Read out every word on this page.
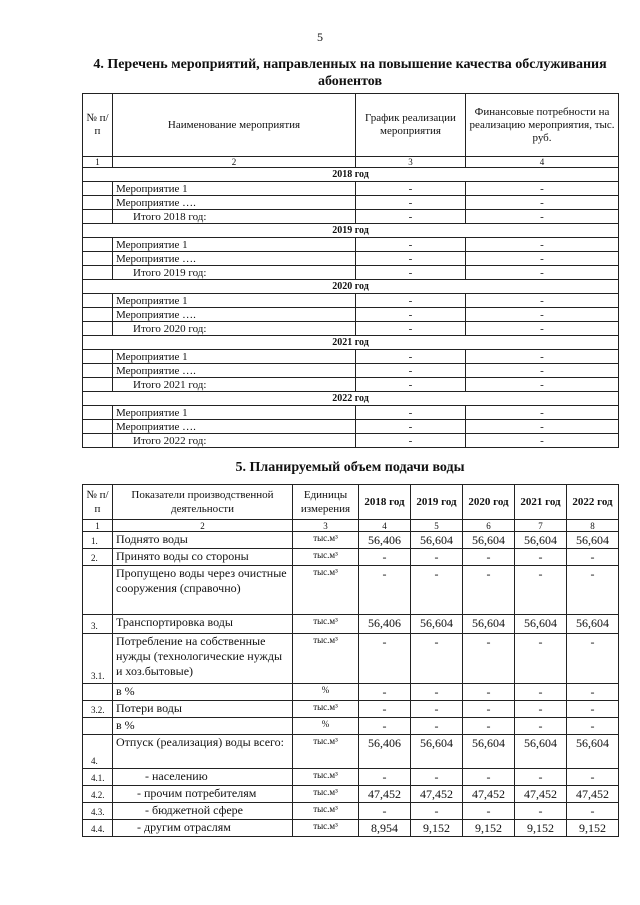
5
4. Перечень мероприятий, направленных на повышение качества обслуживания абонентов
№ п/п	Наименование мероприятия	График реализации мероприятия	Финансовые потребности на реализацию мероприятия, тыс. руб.
1	2	3	4
2018 год			
	Мероприятие 1	-	-
	Мероприятие ….	-	-
	Итого 2018 год:	-	-
2019 год			
	Мероприятие 1	-	-
	Мероприятие ….	-	-
	Итого 2019 год:	-	-
2020 год			
	Мероприятие 1	-	-
	Мероприятие ….	-	-
	Итого 2020 год:	-	-
2021 год			
	Мероприятие 1	-	-
	Мероприятие ….	-	-
	Итого 2021 год:	-	-
2022 год			
	Мероприятие 1	-	-
	Мероприятие ….	-	-
	Итого 2022 год:	-	-
5. Планируемый объем подачи воды
№ п/п	Показатели производственной деятельности	Единицы измерения	2018 год	2019 год	2020 год	2021 год	2022 год
1	2	3	4	5	6	7	8
1.	Поднято воды	тыс.м³	56,406	56,604	56,604	56,604	56,604
2.	Принято воды со стороны	тыс.м³	-	-	-	-	-
	Пропущено воды через очистные сооружения (справочно)	тыс.м³	-	-	-	-	-
3.	Транспортировка воды	тыс.м³	56,406	56,604	56,604	56,604	56,604
3.1.	Потребление на собственные нужды (технологические нужды и хоз.бытовые)	тыс.м³	-	-	-	-	-
	в %	%	-	-	-	-	-
3.2.	Потери воды	тыс.м³	-	-	-	-	-
	в %	%	-	-	-	-	-
4.	Отпуск (реализация) воды всего:	тыс.м³	56,406	56,604	56,604	56,604	56,604
4.1.	- населению	тыс.м³	-	-	-	-	-
4.2.	- прочим потребителям	тыс.м³	47,452	47,452	47,452	47,452	47,452
4.3.	- бюджетной сфере	тыс.м³	-	-	-	-	-
4.4.	- другим отраслям	тыс.м³	8,954	9,152	9,152	9,152	9,152
